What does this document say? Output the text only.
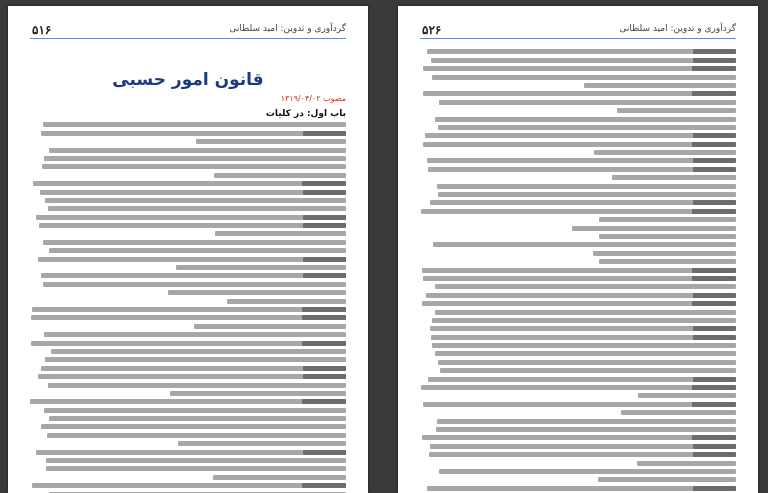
۵۱۶	گردآوری و تدوین: امید سلطانی
قانون امور حسبی
مصوب ۱۳۱۹/۰۴/۰۲
باب اول: در کلیات
۵۲۶	گردآوری و تدوین: امید سلطانی
